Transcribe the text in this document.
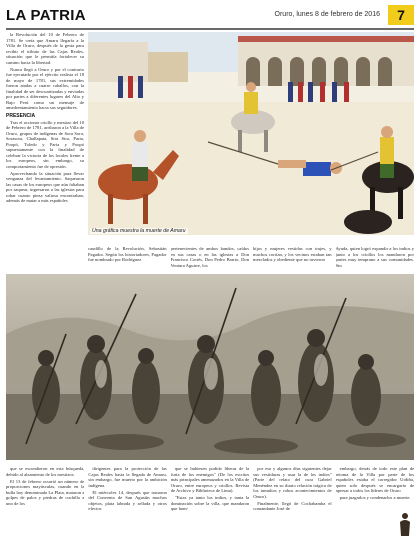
LA PATRIA	Oruro, lunes 8 de febrero de 2016	7

la Revolución del 10 de Febrero de 1781. Se creía que Amaru llegaría a la Villa de Oruro, después de la gesta para recibir el tributo de las Cajas Reales, situación que le permitía fortalecer su camino hacia la libertad.

Nunca llegó a Oruro y por el contrario fue ejecutado por el ejército realista el 18 de mayo de 1781, sus extremidades fueron atadas a cuatro caballos, con la finalidad de ser descuartizadas y enviadas por partes a diferentes lugares del Alto y Bajo Perú como un mensaje de amedrentamiento hacia sus seguidores.

PRESENCIA

Tras el accionar criollo y mestizo del 10 de Febrero de 1781, arribaron a la Villa de Oruro, grupos de indígenas de Sora Sora, Sorasora, Challapata, Sira Sira, Paria, Poopó, Toledo y Paria y Poopó supuestamente con la finalidad de celebrar la victoria de los locales frente a los europeos, sin embargo, su comportamiento fue de opresión.

Aprovechando la situación para llevar venganza del levantamiento. Saquearon las casas de los europeos que aún faltaban por saquear, ingresaron a las iglesias para robar cuanto pieza valiosa encontraban, además de matar a más españoles

Una gráfica muestra la muerte de Amaru
caudillo de la Revolución, Sebastián Pagador. Según los historiadores, Pagador fue nombrado por Rodríguez
pertenecientes de ambos bandos, caídos en sus casas o en las iglesias a Don Francisco Cortés, Don Pedro Barrio, Don Ventura Aguirre, los
hijos y mujeres vestidas con trajes, y muchos corrían, y los vecinos estaban tan mezclados y obediente que no tuvieron
Ayuda, quien logró expandir a los indios y junto a los criollos los mandaron por partes muy temprano a sus comunidades. Sin

que se escondieron en esta búsqueda, debido al alzamiento de los mestizos.

El 13 de febrero ocurrió un número de proporciones mayúsculas, cuando en la bulla hoy denominada La Plata, mataron a golpes de palos y piedras de cuchillo a uno de los

dirigentes para la protección de las Cajas Reales hasta la llegada de Amaru, sin embargo, fue muerto por la ambición indígena.

El miércoles 14, después que tomaron del Convento de San Agustín muchos objetos, plata labrada y sellada y otros efectos

que se hubiesen podido liberar de la furia de los enemigos" (De los escritos más principales amenazados en la Villa de Oruro, entre europeos y criollos. Revista de Archivo y Biblioteca de Lima).

"Estas ya tanto los indios, y tanta la dominación sobre la villa, que mandaron que hom-

por eso y algunos días siguientes dejar sus vestiduras y usar la de los indios" (Parte del relato del cura Gabriel Menéndez en su diario relación trágica de los tumultos y robos acontecimientos de Oruro).

Finalmente, llegó de Cochabamba el comandante José de

embargo, detrás de todo este plan de retoma de la Villa por parte de los españoles estaba el corregidor Urdiña, quien solo después se encargaría de apresar a todos los líderes de Oruro

para juzgarlos y condenarlos a muerte.
